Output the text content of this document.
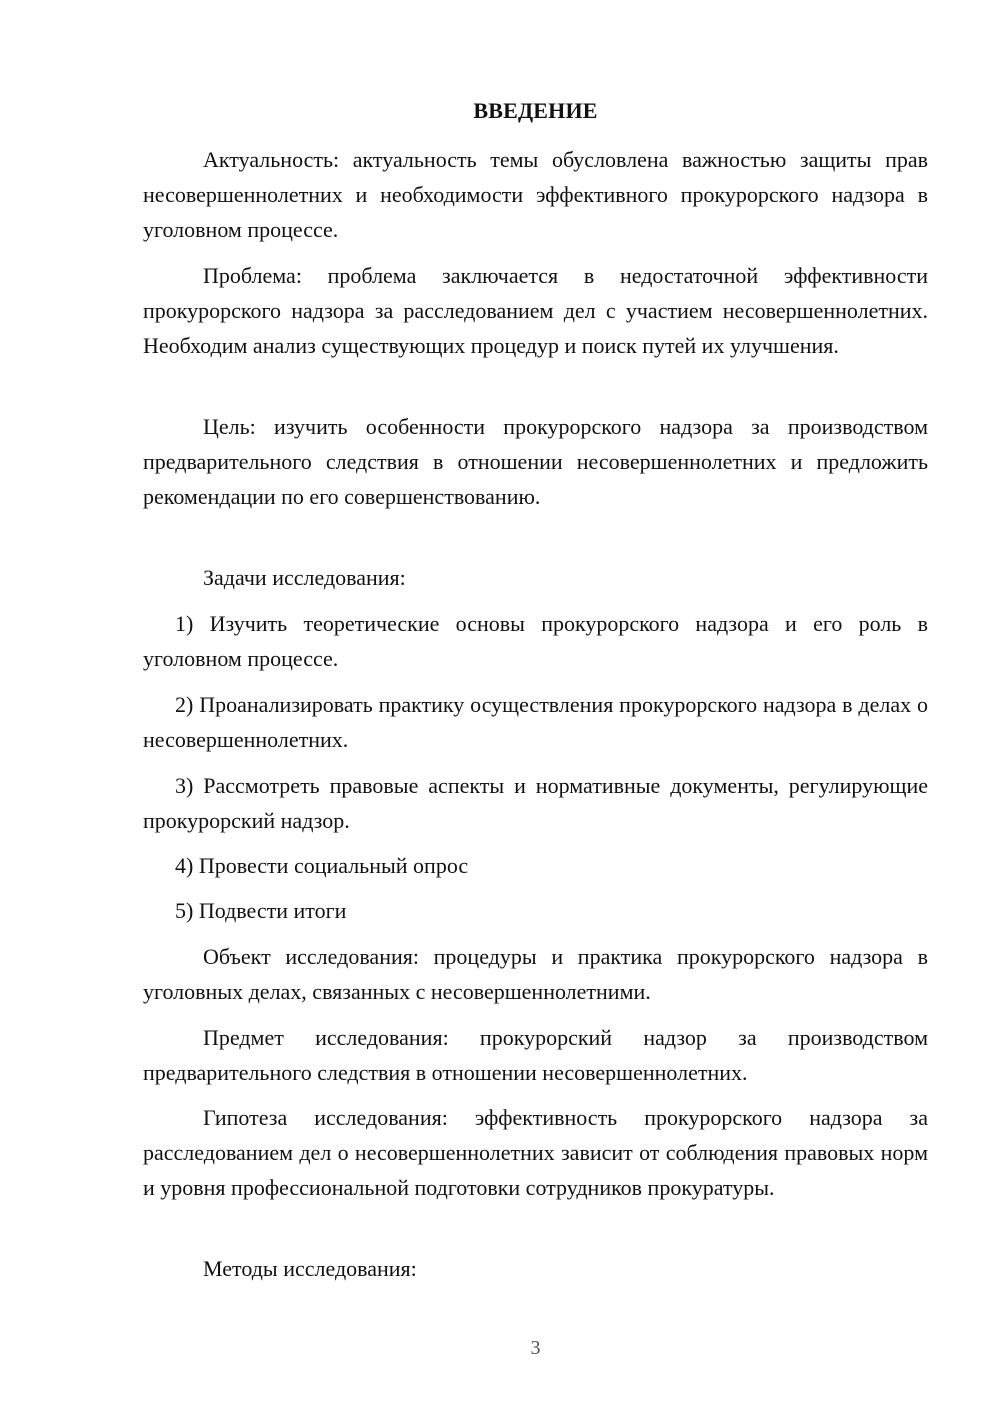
ВВЕДЕНИЕ

Актуальность: актуальность темы обусловлена важностью защиты прав несовершеннолетних и необходимости эффективного прокурорского надзора в уголовном процессе.

Проблема: проблема заключается в недостаточной эффективности прокурорского надзора за расследованием дел с участием несовершеннолетних. Необходим анализ существующих процедур и поиск путей их улучшения.

Цель: изучить особенности прокурорского надзора за производством предварительного следствия в отношении несовершеннолетних и предложить рекомендации по его совершенствованию.

Задачи исследования:

1) Изучить теоретические основы прокурорского надзора и его роль в уголовном процессе.

2) Проанализировать практику осуществления прокурорского надзора в делах о несовершеннолетних.

3) Рассмотреть правовые аспекты и нормативные документы, регулирующие прокурорский надзор.

4) Провести социальный опрос

5) Подвести итоги

Объект исследования: процедуры и практика прокурорского надзора в уголовных делах, связанных с несовершеннолетними.

Предмет исследования: прокурорский надзор за производством предварительного следствия в отношении несовершеннолетних.

Гипотеза исследования: эффективность прокурорского надзора за расследованием дел о несовершеннолетних зависит от соблюдения правовых норм и уровня профессиональной подготовки сотрудников прокуратуры.

Методы исследования:

3
